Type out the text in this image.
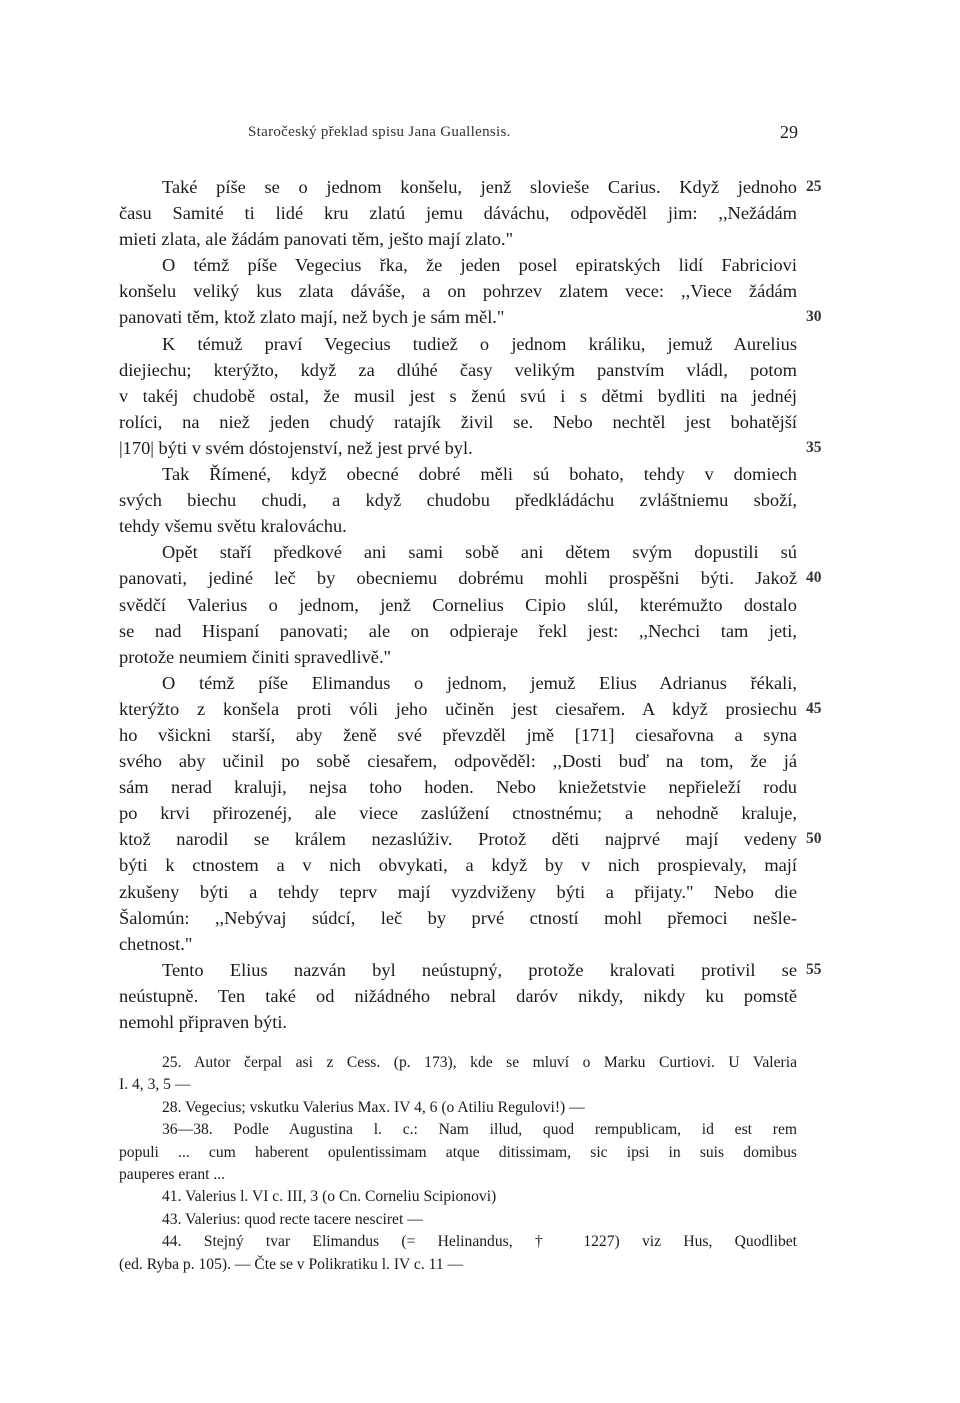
Staročeský překlad spisu Jana Guallensis.	29
Také píše se o jednom konšelu, jenž slovieše Carius. Když jednoho 25
času Samité ti lidé kru zlatú jemu dáváchu, odpověděl jim: ,,Nežádám
mieti zlata, ale žádám panovati těm, ješto mají zlato."
O témž píše Vegecius řka, že jeden posel epiratských lidí Fabriciovi
konšelu veliký kus zlata dáváše, a on pohrzev zlatem vece: ,,Viece žádám
panovati těm, ktož zlato mají, než bych je sám měl."	30
K témuž praví Vegecius tudiež o jednom králiku, jemuž Aurelius
diejiechu; kterýžto, když za dlúhé časy velikým panstvím vládl, potom
v takéj chudobě ostal, že musil jest s ženú svú i s dětmi bydliti na jednéj
rolíci, na niež jeden chudý ratajík živil se. Nebo nechtěl jest bohatější
|170| býti v svém dóstojenství, než jest prvé byl.	35
Tak Římené, když obecné dobré měli sú bohato, tehdy v domiech
svých biechu chudi, a když chudobu předkládáchu zvláštniemu sboží,
tehdy všemu světu kralováchu.
Opět staří předkové ani sami sobě ani dětem svým dopustili sú
panovati, jediné leč by obecniemu dobrému mohli prospěšni býti. Jakož 40
svědčí Valerius o jednom, jenž Cornelius Cipio slúl, kterémužto dostalo
se nad Hispaní panovati; ale on odpieraje řekl jest: ,,Nechci tam jeti,
protože neumiem činiti spravedlivě."
O témž píše Elimandus o jednom, jemuž Elius Adrianus řékali,
kterýžto z konšela proti vóli jeho učiněn jest ciesařem. A když prosiechu 45
ho všickni starší, aby ženě své převzděl jmě [171] ciesařovna a syna
svého aby učinil po sobě ciesařem, odpověděl: ,,Dosti buď na tom, že já
sám nerad kraluji, nejsa toho hoden. Nebo kniežetstvie nepřieleží rodu
po krvi přirozenéj, ale viece zaslúžení ctnostnému; a nehodně kraluje,
ktož narodil se králem nezaslúživ. Protož děti najprvé mají vedeny 50
býti k ctnostem a v nich obvykati, a když by v nich prospievaly, mají
zkušeny býti a tehdy teprv mají vyzdviženy býti a přijaty." Nebo die
Šalomún: ,,Nebývaj súdcí, leč by prvé ctností mohl přemoci nešle-
chetnost."
Tento Elius nazván byl neústupný, protože kralovati protivil se 55
neústupně. Ten také od nižádného nebral daróv nikdy, nikdy ku pomstě
nemohl připraven býti.
25. Autor čerpal asi z Cess. (p. 173), kde se mluví o Marku Curtiovi. U Valeria
I. 4, 3, 5 —
28. Vegecius; vskutku Valerius Max. IV 4, 6 (o Atiliu Regulovi!) —
36—38. Podle Augustina l. c.: Nam illud, quod rempublicam, id est rem
populi ... cum haberent opulentissimam atque ditissimam, sic ipsi in suis domibus
pauperes erant ...
41. Valerius l. VI c. III, 3 (o Cn. Corneliu Scipionovi)
43. Valerius: quod recte tacere nesciret —
44. Stejný tvar Elimandus (= Helinandus, † 1227) viz Hus, Quodlibet
(ed. Ryba p. 105). — Čte se v Polikratiku l. IV c. 11 —
